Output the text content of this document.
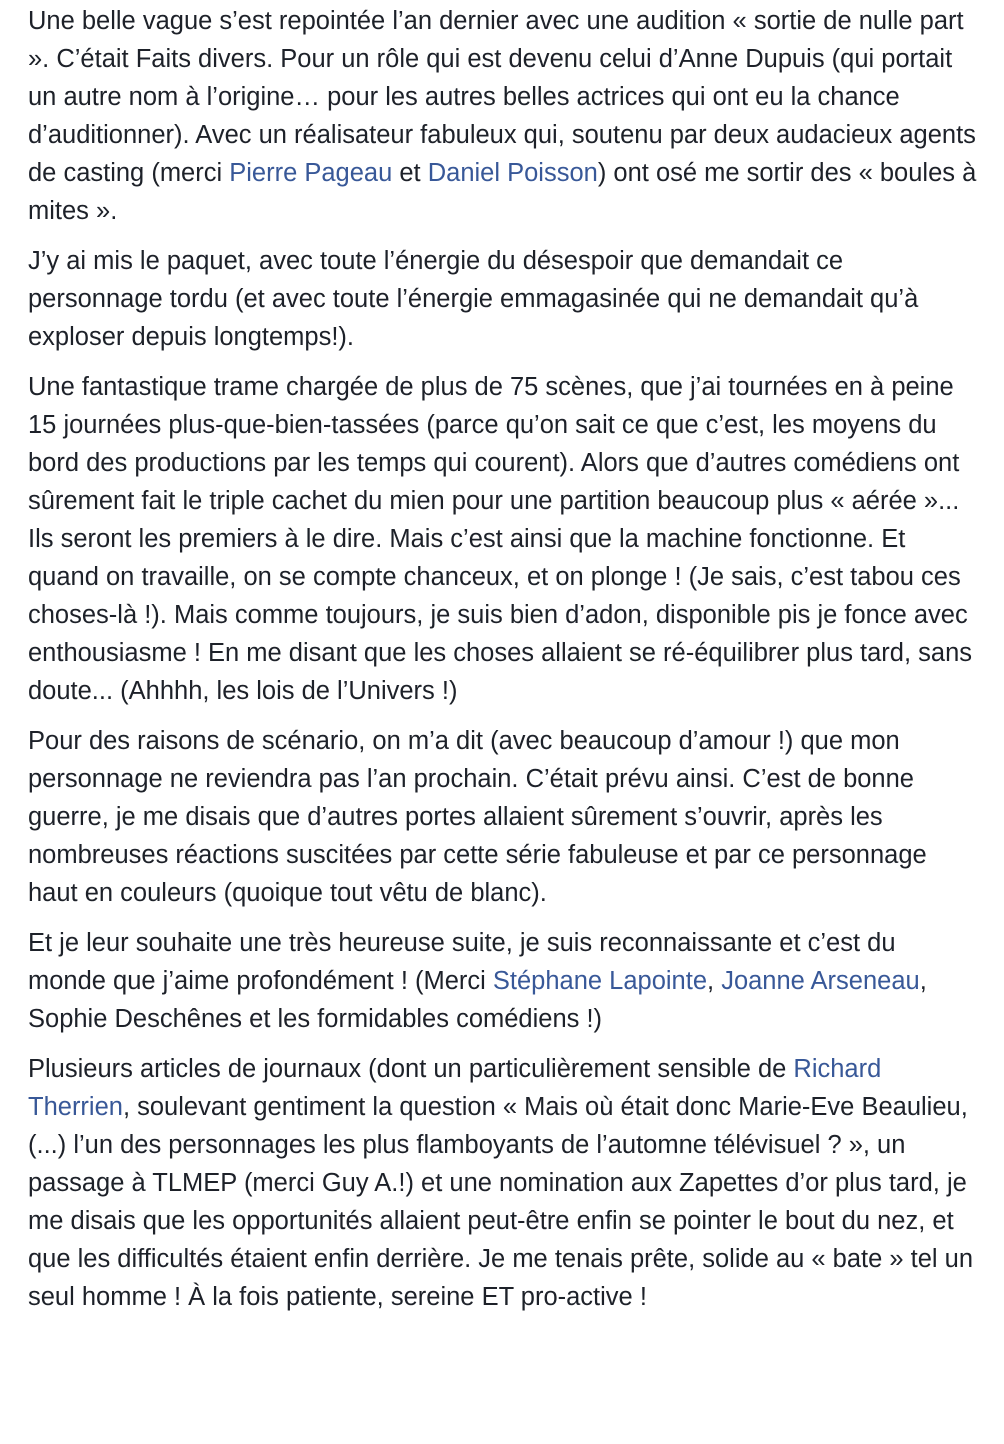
Une belle vague s’est repointée l’an dernier avec une audition « sortie de nulle part ». C’était Faits divers. Pour un rôle qui est devenu celui d’Anne Dupuis (qui portait un autre nom à l’origine… pour les autres belles actrices qui ont eu la chance d’auditionner). Avec un réalisateur fabuleux qui, soutenu par deux audacieux agents de casting (merci Pierre Pageau et Daniel Poisson) ont osé me sortir des « boules à mites ».

J’y ai mis le paquet, avec toute l’énergie du désespoir que demandait ce personnage tordu (et avec toute l’énergie emmagasinée qui ne demandait qu’à exploser depuis longtemps!).

Une fantastique trame chargée de plus de 75 scènes, que j’ai tournées en à peine 15 journées plus-que-bien-tassées (parce qu’on sait ce que c’est, les moyens du bord des productions par les temps qui courent). Alors que d’autres comédiens ont sûrement fait le triple cachet du mien pour une partition beaucoup plus « aérée »... Ils seront les premiers à le dire. Mais c’est ainsi que la machine fonctionne. Et quand on travaille, on se compte chanceux, et on plonge ! (Je sais, c’est tabou ces choses-là !). Mais comme toujours, je suis bien d’adon, disponible pis je fonce avec enthousiasme ! En me disant que les choses allaient se ré-équilibrer plus tard, sans doute... (Ahhhh, les lois de l’Univers !)

Pour des raisons de scénario, on m’a dit (avec beaucoup d’amour !) que mon personnage ne reviendra pas l’an prochain. C’était prévu ainsi. C’est de bonne guerre, je me disais que d’autres portes allaient sûrement s’ouvrir, après les nombreuses réactions suscitées par cette série fabuleuse et par ce personnage haut en couleurs (quoique tout vêtu de blanc).

Et je leur souhaite une très heureuse suite, je suis reconnaissante et c’est du monde que j’aime profondément ! (Merci Stéphane Lapointe, Joanne Arseneau, Sophie Deschênes et les formidables comédiens !)

Plusieurs articles de journaux (dont un particulièrement sensible de Richard Therrien, soulevant gentiment la question « Mais où était donc Marie-Eve Beaulieu, (...) l’un des personnages les plus flamboyants de l’automne télévisuel ? », un passage à TLMEP (merci Guy A.!) et une nomination aux Zapettes d’or plus tard, je me disais que les opportunités allaient peut-être enfin se pointer le bout du nez, et que les difficultés étaient enfin derrière. Je me tenais prête, solide au « bate » tel un seul homme ! À la fois patiente, sereine ET pro-active !
